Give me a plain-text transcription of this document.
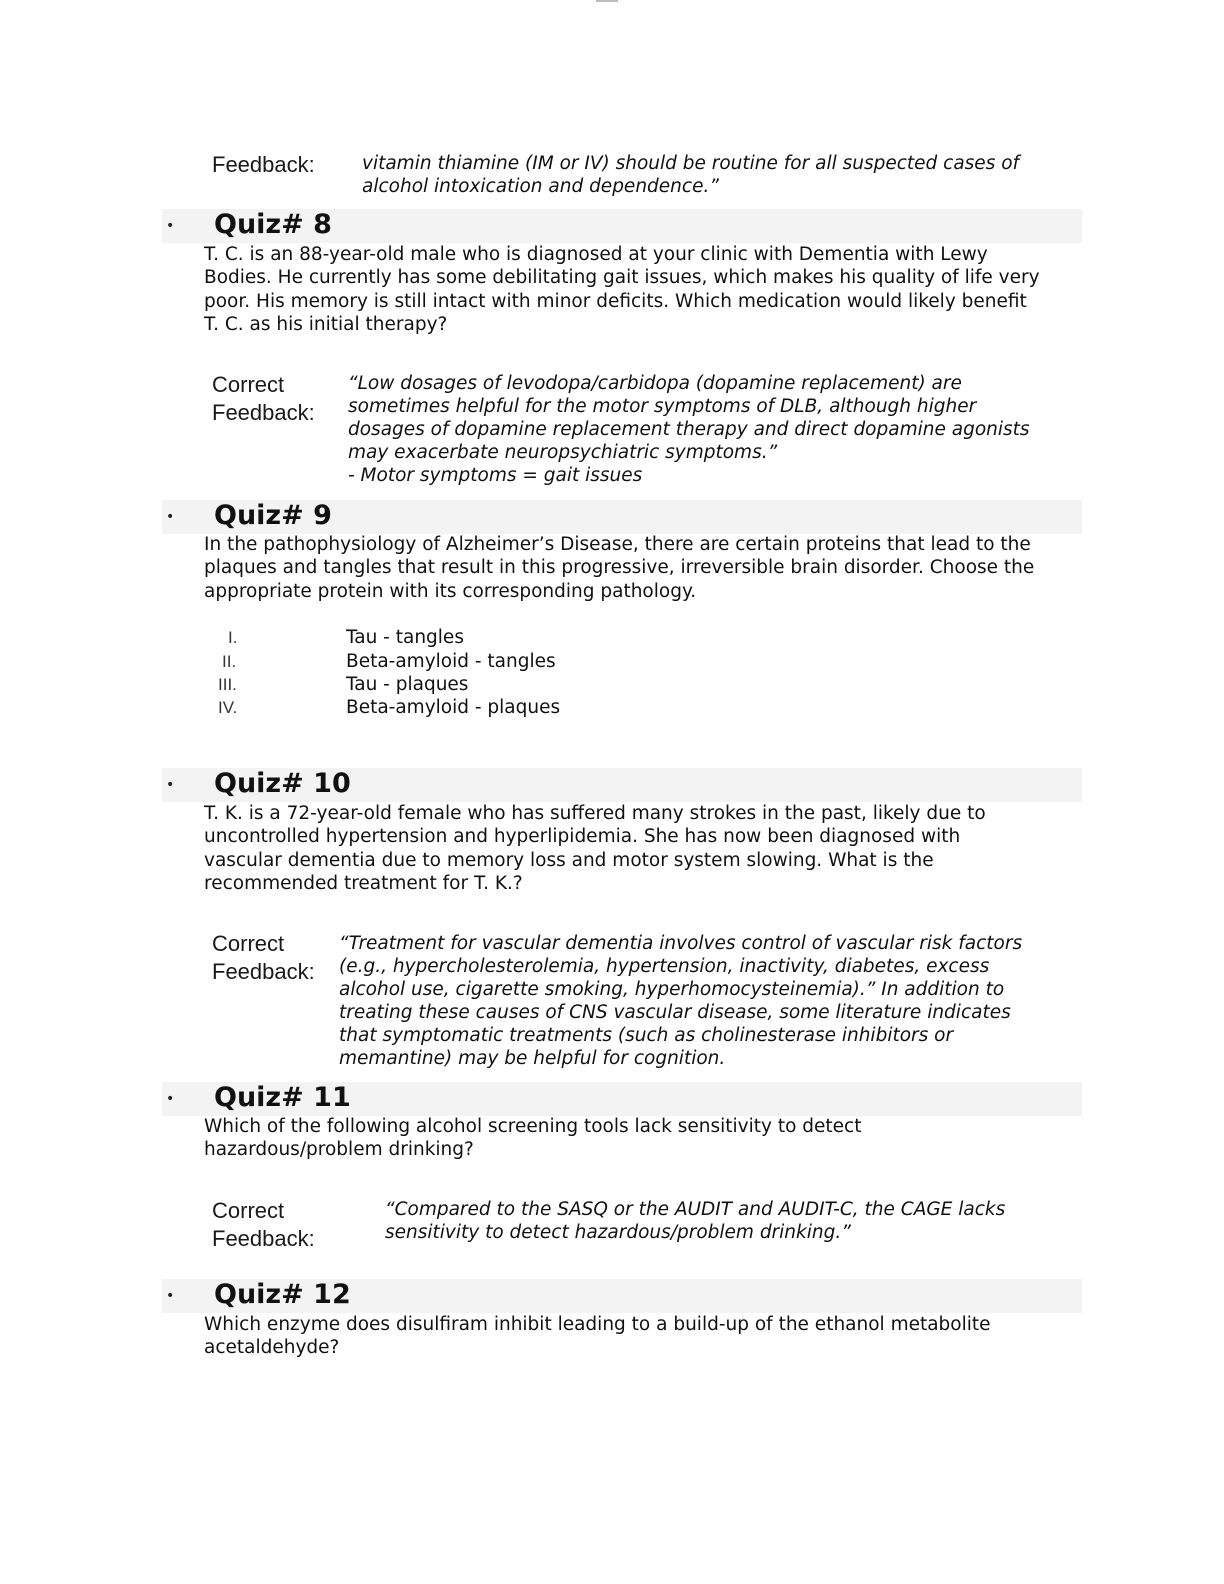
Feedback:	vitamin thiamine (IM or IV) should be routine for all suspected cases of
alcohol intoxication and dependence.”
• Quiz# 8
T. C. is an 88-year-old male who is diagnosed at your clinic with Dementia with Lewy
Bodies. He currently has some debilitating gait issues, which makes his quality of life very
poor. His memory is still intact with minor deficits. Which medication would likely benefit
T. C. as his initial therapy?
Correct
Feedback:
“Low dosages of levodopa/carbidopa (dopamine replacement) are
sometimes helpful for the motor symptoms of DLB, although higher
dosages of dopamine replacement therapy and direct dopamine agonists
may exacerbate neuropsychiatric symptoms.”
- Motor symptoms = gait issues
• Quiz# 9
In the pathophysiology of Alzheimer’s Disease, there are certain proteins that lead to the
plaques and tangles that result in this progressive, irreversible brain disorder. Choose the
appropriate protein with its corresponding pathology.
I.	Tau - tangles
II.	Beta-amyloid - tangles
III.	Tau - plaques
IV.	Beta-amyloid - plaques
• Quiz# 10
T. K. is a 72-year-old female who has suffered many strokes in the past, likely due to
uncontrolled hypertension and hyperlipidemia. She has now been diagnosed with
vascular dementia due to memory loss and motor system slowing. What is the
recommended treatment for T. K.?
Correct
Feedback:
“Treatment for vascular dementia involves control of vascular risk factors
(e.g., hypercholesterolemia, hypertension, inactivity, diabetes, excess
alcohol use, cigarette smoking, hyperhomocysteinemia).” In addition to
treating these causes of CNS vascular disease, some literature indicates
that symptomatic treatments (such as cholinesterase inhibitors or
memantine) may be helpful for cognition.
• Quiz# 11
Which of the following alcohol screening tools lack sensitivity to detect
hazardous/problem drinking?
Correct
Feedback:
“Compared to the SASQ or the AUDIT and AUDIT-C, the CAGE lacks
sensitivity to detect hazardous/problem drinking.”
• Quiz# 12
Which enzyme does disulfiram inhibit leading to a build-up of the ethanol metabolite
acetaldehyde?
